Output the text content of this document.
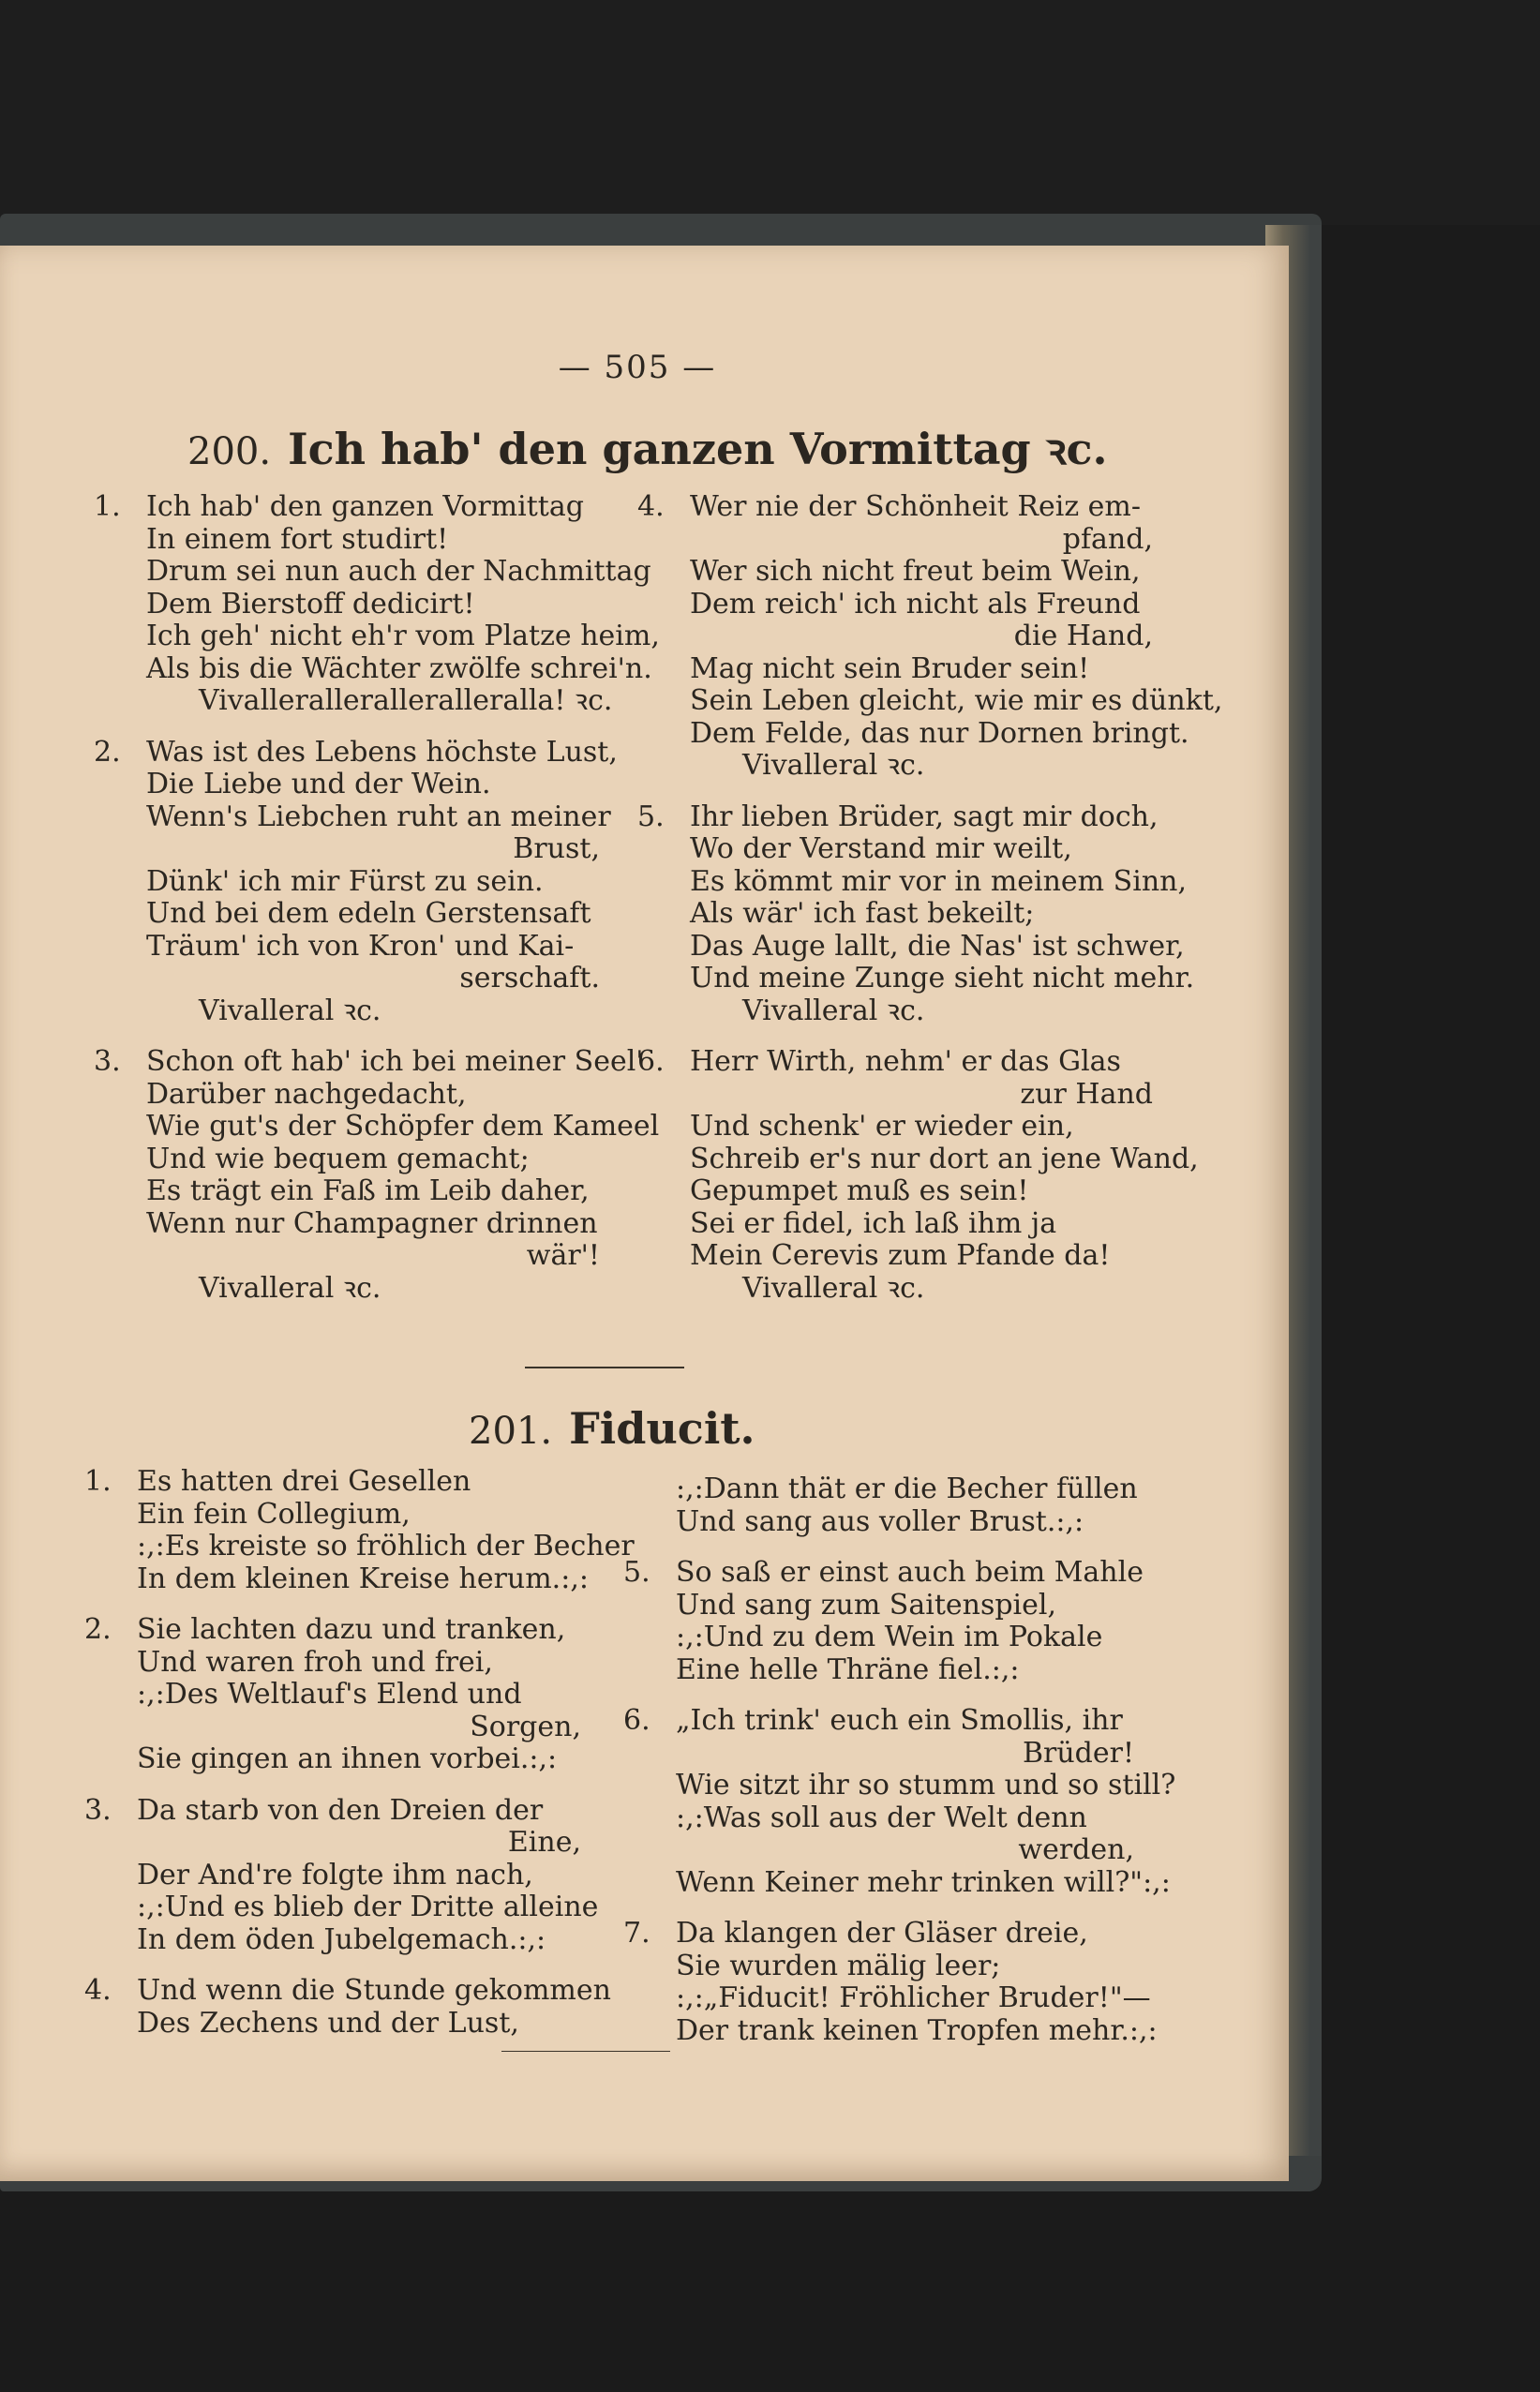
— 505 —
200. Ich hab' den ganzen Vormittag ꝛc.
1. Ich hab' den ganzen Vormittag
In einem fort studirt!
Drum sei nun auch der Nachmittag
Dem Bierstoff dedicirt!
Ich geh' nicht eh'r vom Platze heim,
Als bis die Wächter zwölfe schrei'n.
Vivalleralleralleralleralla! ꝛc.
2. Was ist des Lebens höchste Lust,
Die Liebe und der Wein.
Wenn's Liebchen ruht an meiner
Brust,
Dünk' ich mir Fürst zu sein.
Und bei dem edeln Gerstensaft
Träum' ich von Kron' und Kai-
serschaft.
Vivalleral ꝛc.
3. Schon oft hab' ich bei meiner Seel'
Darüber nachgedacht,
Wie gut's der Schöpfer dem Kameel
Und wie bequem gemacht;
Es trägt ein Faß im Leib daher,
Wenn nur Champagner drinnen
wär'!
Vivalleral ꝛc.
4. Wer nie der Schönheit Reiz em-
pfand,
Wer sich nicht freut beim Wein,
Dem reich' ich nicht als Freund
die Hand,
Mag nicht sein Bruder sein!
Sein Leben gleicht, wie mir es dünkt,
Dem Felde, das nur Dornen bringt.
Vivalleral ꝛc.
5. Ihr lieben Brüder, sagt mir doch,
Wo der Verstand mir weilt,
Es kömmt mir vor in meinem Sinn,
Als wär' ich fast bekeilt;
Das Auge lallt, die Nas' ist schwer,
Und meine Zunge sieht nicht mehr.
Vivalleral ꝛc.
6. Herr Wirth, nehm' er das Glas
zur Hand
Und schenk' er wieder ein,
Schreib er's nur dort an jene Wand,
Gepumpet muß es sein!
Sei er fidel, ich laß ihm ja
Mein Cerevis zum Pfande da!
Vivalleral ꝛc.
201. Fiducit.
1. Es hatten drei Gesellen
Ein fein Collegium,
:,:Es kreiste so fröhlich der Becher
In dem kleinen Kreise herum.:,:
2. Sie lachten dazu und tranken,
Und waren froh und frei,
:,:Des Weltlauf's Elend und
Sorgen,
Sie gingen an ihnen vorbei.:,:
3. Da starb von den Dreien der
Eine,
Der And're folgte ihm nach,
:,:Und es blieb der Dritte alleine
In dem öden Jubelgemach.:,:
4. Und wenn die Stunde gekommen
Des Zechens und der Lust,
:,:Dann thät er die Becher füllen
Und sang aus voller Brust.:,:
5. So saß er einst auch beim Mahle
Und sang zum Saitenspiel,
:,:Und zu dem Wein im Pokale
Eine helle Thräne fiel.:,:
6. „Ich trink' euch ein Smollis, ihr
Brüder!
Wie sitzt ihr so stumm und so still?
:,:Was soll aus der Welt denn
werden,
Wenn Keiner mehr trinken will?":,:
7. Da klangen der Gläser dreie,
Sie wurden mälig leer;
:,:„Fiducit! Fröhlicher Bruder!"—
Der trank keinen Tropfen mehr.:,:
